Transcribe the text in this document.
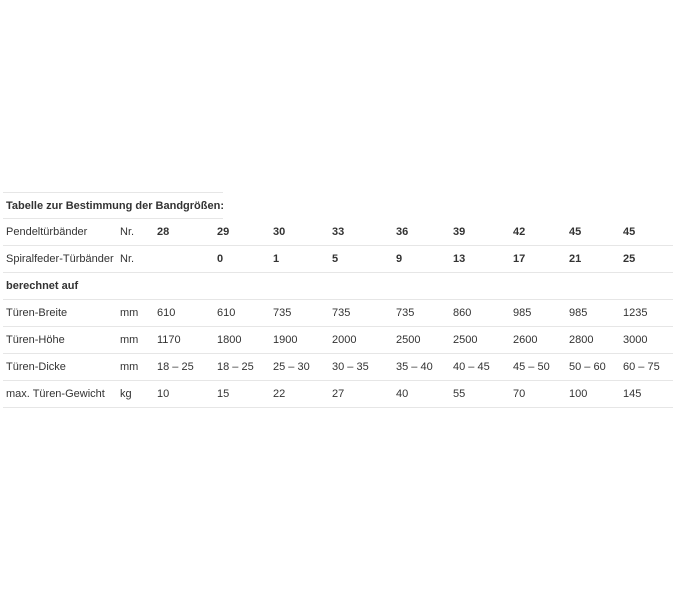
Tabelle zur Bestimmung der Bandgrößen:
Pendeltürbänder	Nr.	28	29	30	33	36	39	42	45	45	
Spiralfeder-Türbänder	Nr.		0	1	5	9	13	17	21	25	
berechnet auf											
Türen-Breite	mm	610	610	735	735	735	860	985	985	1235	
Türen-Höhe	mm	1170	1800	1900	2000	2500	2500	2600	2800	3000	
Türen-Dicke	mm	18 – 25	18 – 25	25 – 30	30 – 35	35 – 40	40 – 45	45 – 50	50 – 60	60 – 75	
max. Türen-Gewicht	kg	10	15	22	27	40	55	70	100	145	
